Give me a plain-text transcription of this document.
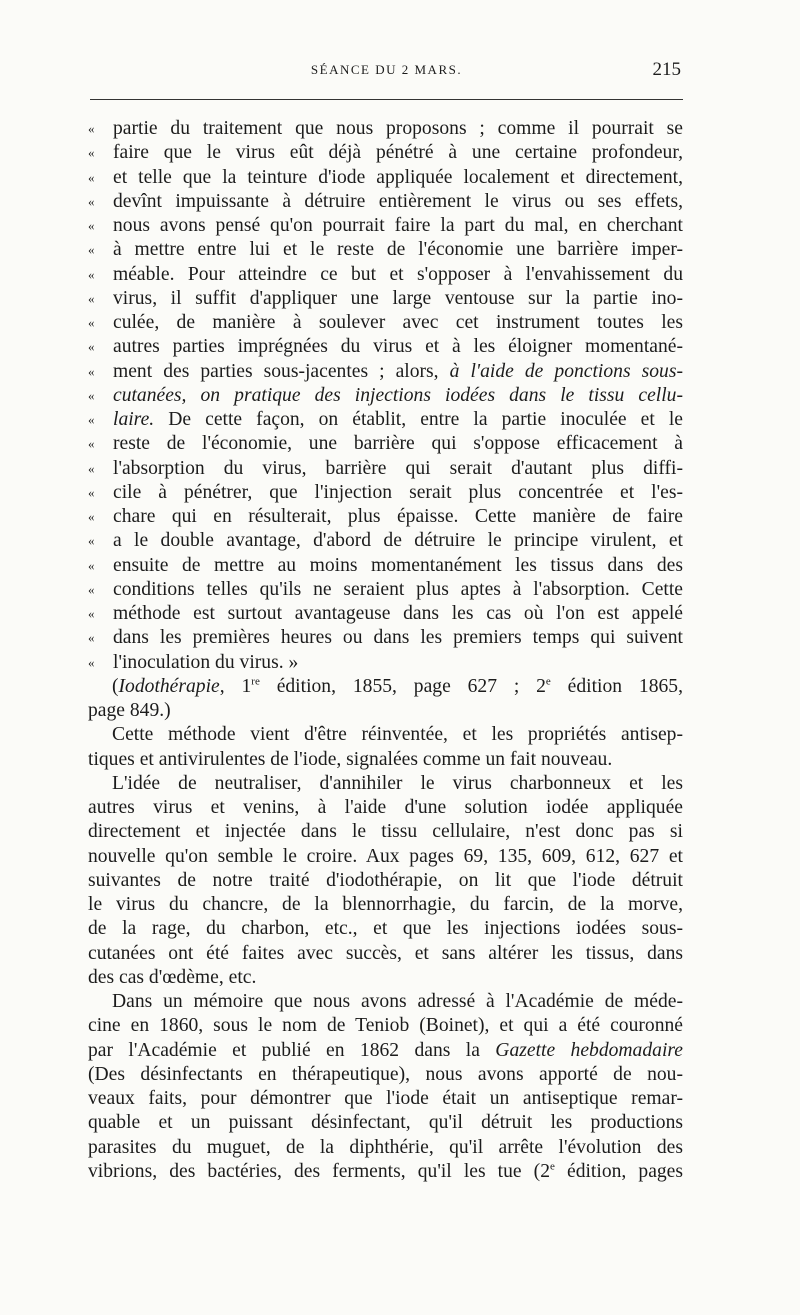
SÉANCE DU 2 MARS.	215
« partie du traitement que nous proposons ; comme il pourrait se
« faire que le virus eût déjà pénétré à une certaine profondeur,
« et telle que la teinture d'iode appliquée localement et directement,
« devînt impuissante à détruire entièrement le virus ou ses effets,
« nous avons pensé qu'on pourrait faire la part du mal, en cherchant
« à mettre entre lui et le reste de l'économie une barrière imper-
« méable. Pour atteindre ce but et s'opposer à l'envahissement du
« virus, il suffit d'appliquer une large ventouse sur la partie ino-
« culée, de manière à soulever avec cet instrument toutes les
« autres parties imprégnées du virus et à les éloigner momentané-
« ment des parties sous-jacentes ; alors, à l'aide de ponctions sous-
« cutanées, on pratique des injections iodées dans le tissu cellu-
« laire. De cette façon, on établit, entre la partie inoculée et le
« reste de l'économie, une barrière qui s'oppose efficacement à
« l'absorption du virus, barrière qui serait d'autant plus diffi-
« cile à pénétrer, que l'injection serait plus concentrée et l'es-
« chare qui en résulterait, plus épaisse. Cette manière de faire
« a le double avantage, d'abord de détruire le principe virulent, et
« ensuite de mettre au moins momentanément les tissus dans des
« conditions telles qu'ils ne seraient plus aptes à l'absorption. Cette
« méthode est surtout avantageuse dans les cas où l'on est appelé
« dans les premières heures ou dans les premiers temps qui suivent
« l'inoculation du virus. »
(Iodothérapie, 1re édition, 1855, page 627 ; 2e édition 1865,
page 849.)
Cette méthode vient d'être réinventée, et les propriétés antisep-
tiques et antivirulentes de l'iode, signalées comme un fait nouveau.
L'idée de neutraliser, d'annihiler le virus charbonneux et les
autres virus et venins, à l'aide d'une solution iodée appliquée
directement et injectée dans le tissu cellulaire, n'est donc pas si
nouvelle qu'on semble le croire. Aux pages 69, 135, 609, 612, 627 et
suivantes de notre traité d'iodothérapie, on lit que l'iode détruit
le virus du chancre, de la blennorrhagie, du farcin, de la morve,
de la rage, du charbon, etc., et que les injections iodées sous-
cutanées ont été faites avec succès, et sans altérer les tissus, dans
des cas d'œdème, etc.
Dans un mémoire que nous avons adressé à l'Académie de méde-
cine en 1860, sous le nom de Teniob (Boinet), et qui a été couronné
par l'Académie et publié en 1862 dans la Gazette hebdomadaire
(Des désinfectants en thérapeutique), nous avons apporté de nou-
veaux faits, pour démontrer que l'iode était un antiseptique remar-
quable et un puissant désinfectant, qu'il détruit les productions
parasites du muguet, de la diphthérie, qu'il arrête l'évolution des
vibrions, des bactéries, des ferments, qu'il les tue (2e édition, pages
